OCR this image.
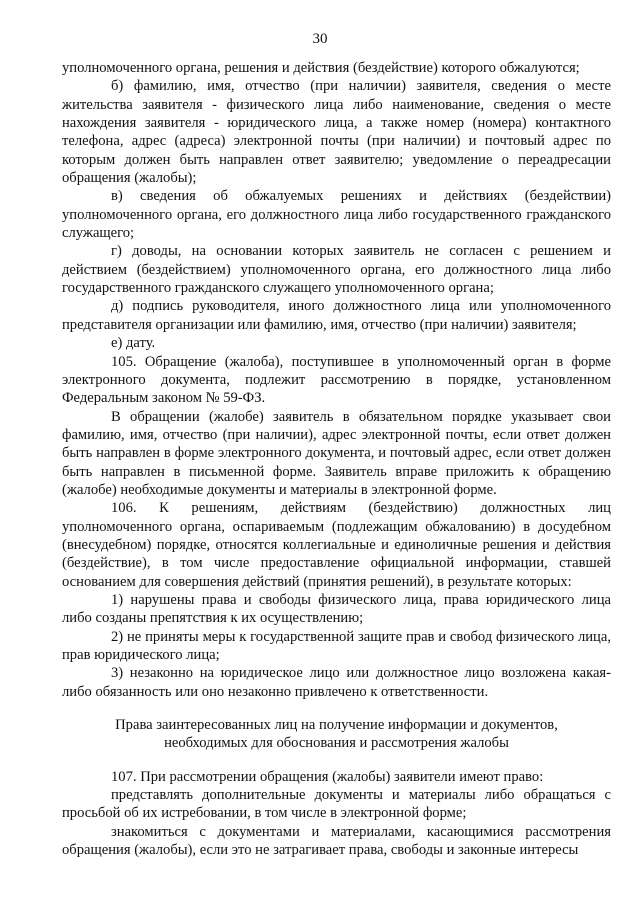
30

уполномоченного органа, решения и действия (бездействие) которого обжалуются;

б) фамилию, имя, отчество (при наличии) заявителя, сведения о месте жительства заявителя - физического лица либо наименование, сведения о месте нахождения заявителя - юридического лица, а также номер (номера) контактного телефона, адрес (адреса) электронной почты (при наличии) и почтовый адрес по которым должен быть направлен ответ заявителю; уведомление о переадресации обращения (жалобы);

в) сведения об обжалуемых решениях и действиях (бездействии) уполномоченного органа, его должностного лица либо государственного гражданского служащего;

г) доводы, на основании которых заявитель не согласен с решением и действием (бездействием) уполномоченного органа, его должностного лица либо государственного гражданского служащего уполномоченного органа;

д) подпись руководителя, иного должностного лица или уполномоченного представителя организации или фамилию, имя, отчество (при наличии) заявителя;

е) дату.

105. Обращение (жалоба), поступившее в уполномоченный орган в форме электронного документа, подлежит рассмотрению в порядке, установленном Федеральным законом № 59-ФЗ.

В обращении (жалобе) заявитель в обязательном порядке указывает свои фамилию, имя, отчество (при наличии), адрес электронной почты, если ответ должен быть направлен в форме электронного документа, и почтовый адрес, если ответ должен быть направлен в письменной форме. Заявитель вправе приложить к обращению (жалобе) необходимые документы и материалы в электронной форме.

106. К решениям, действиям (бездействию) должностных лиц уполномоченного органа, оспариваемым (подлежащим обжалованию) в досудебном (внесудебном) порядке, относятся коллегиальные и единоличные решения и действия (бездействие), в том числе предоставление официальной информации, ставшей основанием для совершения действий (принятия решений), в результате которых:

1) нарушены права и свободы физического лица, права юридического лица либо созданы препятствия к их осуществлению;

2) не приняты меры к государственной защите прав и свобод физического лица, прав юридического лица;

3) незаконно на юридическое лицо или должностное лицо возложена какая-либо обязанность или оно незаконно привлечено к ответственности.

Права заинтересованных лиц на получение информации и документов,
необходимых для обоснования и рассмотрения жалобы

107. При рассмотрении обращения (жалобы) заявители имеют право:

представлять дополнительные документы и материалы либо обращаться с просьбой об их истребовании, в том числе в электронной форме;

знакомиться с документами и материалами, касающимися рассмотрения обращения (жалобы), если это не затрагивает права, свободы и законные интересы
